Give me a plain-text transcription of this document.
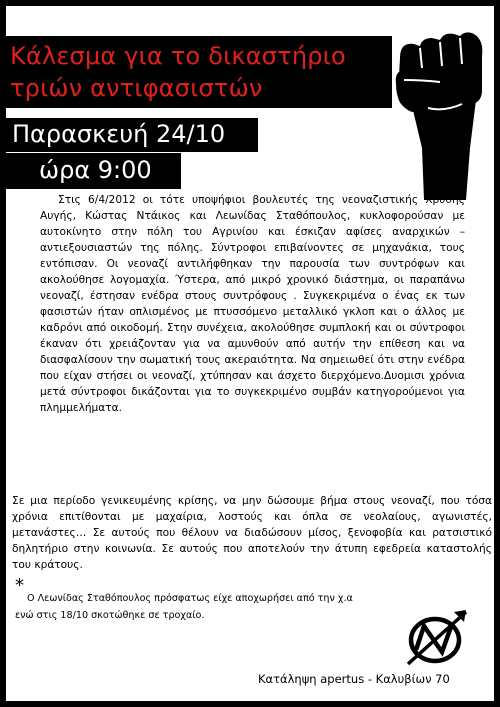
Κάλεσμα για το δικαστήριο
τριών αντιφασιστών
Παρασκευή 24/10
ώρα 9:00

Στις 6/4/2012 οι τότε υποψήφιοι βουλευτές της νεοναζιστικής Χρυσής Αυγής, Κώστας Ντάικος και Λεωνίδας Σταθόπουλος, κυκλοφορούσαν με αυτοκίνητο στην πόλη του Αγρινίου και έσκιζαν αφίσες αναρχικών – αντιεξουσιαστών της πόλης. Σύντροφοι επιβαίνοντες σε μηχανάκια, τους εντόπισαν. Οι νεοναζί αντιλήφθηκαν την παρουσία των συντρόφων και ακολούθησε λογομαχία. Ύστερα, από μικρό χρονικό διάστημα, οι παραπάνω νεοναζί, έστησαν ενέδρα στους συντρόφους . Συγκεκριμένα ο ένας εκ των φασιστών ήταν οπλισμένος με πτυσσόμενο μεταλλικό γκλοπ και ο άλλος με καδρόνι από οικοδομή. Στην συνέχεια, ακολούθησε συμπλοκή και οι σύντροφοι έκαναν ότι χρειάζονταν για να αμυνθούν από αυτήν την επίθεση και να διασφαλίσουν την σωματική τους ακεραιότητα. Να σημειωθεί ότι στην ενέδρα που είχαν στήσει οι νεοναζί, χτύπησαν και άσχετο διερχόμενο.Δυομισι χρόνια μετά σύντροφοι δικάζονται για το συγκεκριμένο συμβάν κατηγορούμενοι για πλημμελήματα.

Σε μια περίοδο γενικευμένης κρίσης, να μην δώσουμε βήμα στους νεοναζί, που τόσα χρόνια επιτίθονται με μαχαίρια, λοστούς και όπλα σε νεολαίους, αγωνιστές, μετανάστες… Σε αυτούς που θέλουν να διαδώσουν μίσος, ξενοφοβία και ρατσιστικό δηλητήριο στην κοινωνία. Σε αυτούς που αποτελούν την άτυπη εφεδρεία καταστολής του κράτους.

*
Ο Λεωνίδας Σταθόπουλος πρόσφατως είχε αποχωρήσει από την χ.α
ενώ στις 18/10 σκοτώθηκε σε τροχαίο.
Κατάληψη apertus - Καλυβίων 70
